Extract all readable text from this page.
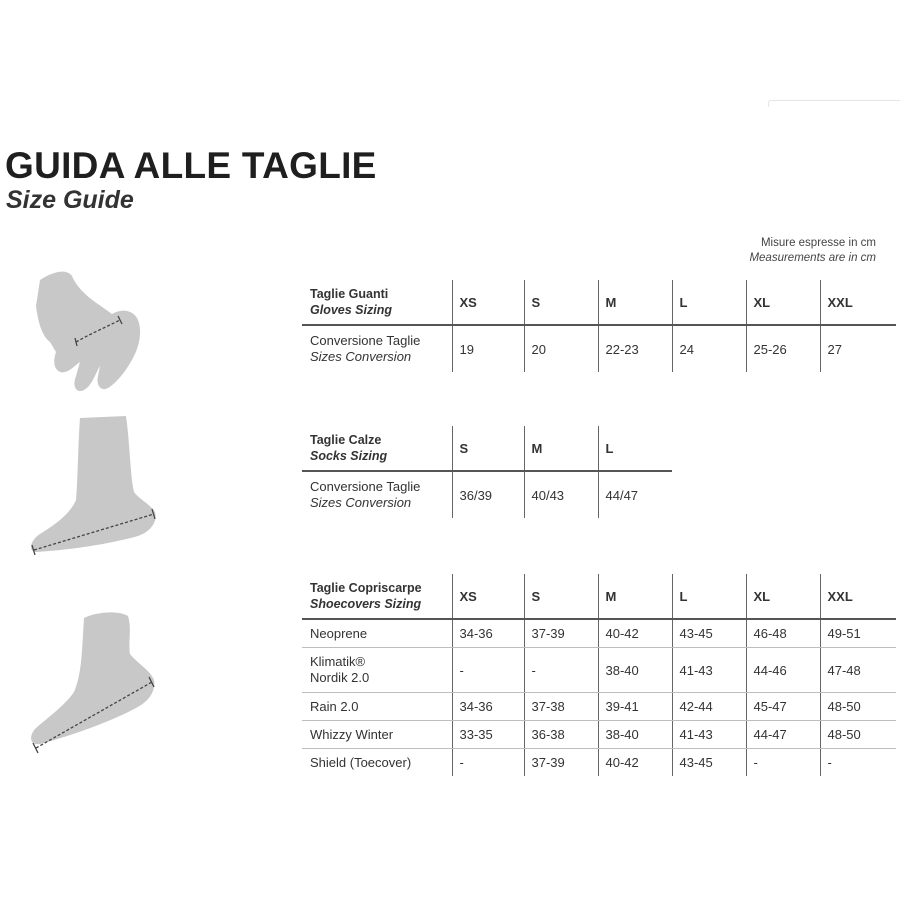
GUIDA ALLE TAGLIE
Size Guide
Misure espresse in cm
Measurements are in cm
Taglie Guanti
Gloves Sizing	XS	S	M	L	XL	XXL

Conversione Taglie
Sizes Conversion	19	20	22-23	24	25-26	27
Taglie Calze
Socks Sizing	S	M	L

Conversione Taglie
Sizes Conversion	36/39	40/43	44/47
Taglie Copriscarpe
Shoecovers Sizing	XS	S	M	L	XL	XXL
Neoprene	34-36	37-39	40-42	43-45	46-48	49-51

Klimatik®
Nordik 2.0	-	-	38-40	41-43	44-46	47-48
Rain 2.0	34-36	37-38	39-41	42-44	45-47	48-50
Whizzy Winter	33-35	36-38	38-40	41-43	44-47	48-50
Shield (Toecover)	-	37-39	40-42	43-45	-	-
